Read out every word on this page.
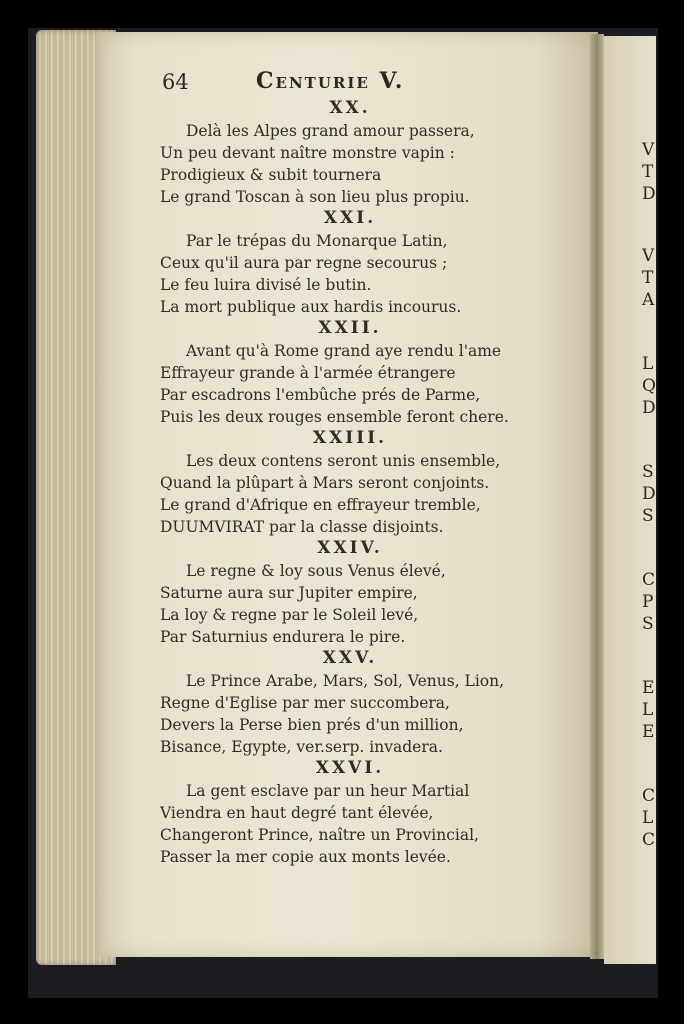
V
T
D
V
T
A
L
Q
D
S
D
S
C
P
S
E
L
E
C
L
C
64	Centurie V.
XX.
Delà les Alpes grand amour passera,
Un peu devant naître monstre vapin :
Prodigieux & subit tournera
Le grand Toscan à son lieu plus propiu.
XXI.
Par le trépas du Monarque Latin,
Ceux qu'il aura par regne secourus ;
Le feu luira divisé le butin.
La mort publique aux hardis incourus.
XXII.
Avant qu'à Rome grand aye rendu l'ame
Effrayeur grande à l'armée étrangere
Par escadrons l'embûche prés de Parme,
Puis les deux rouges ensemble feront chere.
XXIII.
Les deux contens seront unis ensemble,
Quand la plûpart à Mars seront conjoints.
Le grand d'Afrique en effrayeur tremble,
DUUMVIRAT par la classe disjoints.
XXIV.
Le regne & loy sous Venus élevé,
Saturne aura sur Jupiter empire,
La loy & regne par le Soleil levé,
Par Saturnius endurera le pire.
XXV.
Le Prince Arabe, Mars, Sol, Venus, Lion,
Regne d'Eglise par mer succombera,
Devers la Perse bien prés d'un million,
Bisance, Egypte, ver.serp. invadera.
XXVI.
La gent esclave par un heur Martial
Viendra en haut degré tant élevée,
Changeront Prince, naître un Provincial,
Passer la mer copie aux monts levée.
